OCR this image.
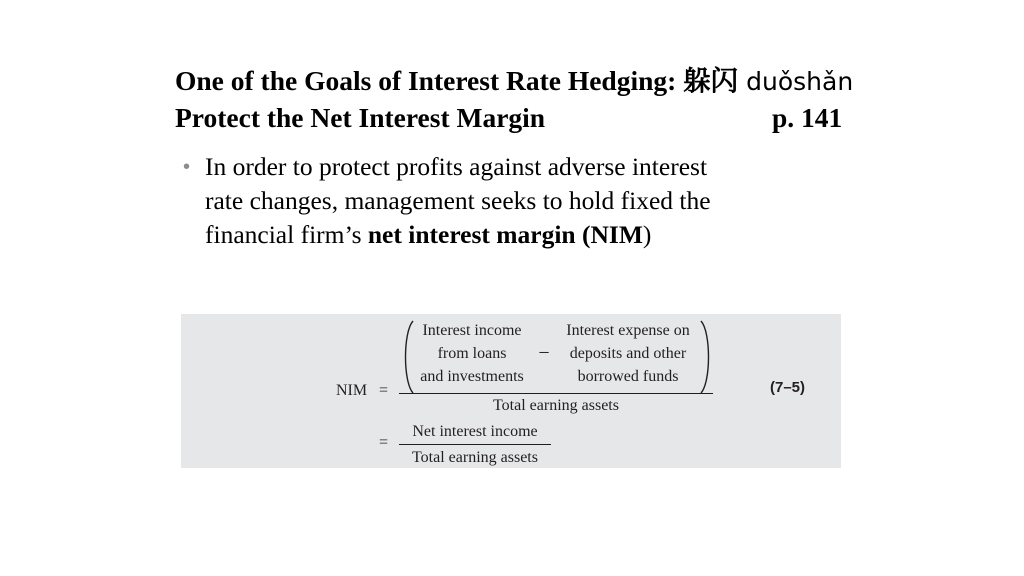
One of the Goals of Interest Rate Hedging: 躲闪 duǒshǎn
Protect the Net Interest Margin	p. 141
• In order to protect profits against adverse interest
rate changes, management seeks to hold fixed the
financial firm’s net interest margin (NIM)
Interest income
from loans
and investments
−
Interest expense on
deposits and other
borrowed funds
NIM =
Total earning assets
=
Net interest income
Total earning assets
(7–5)
